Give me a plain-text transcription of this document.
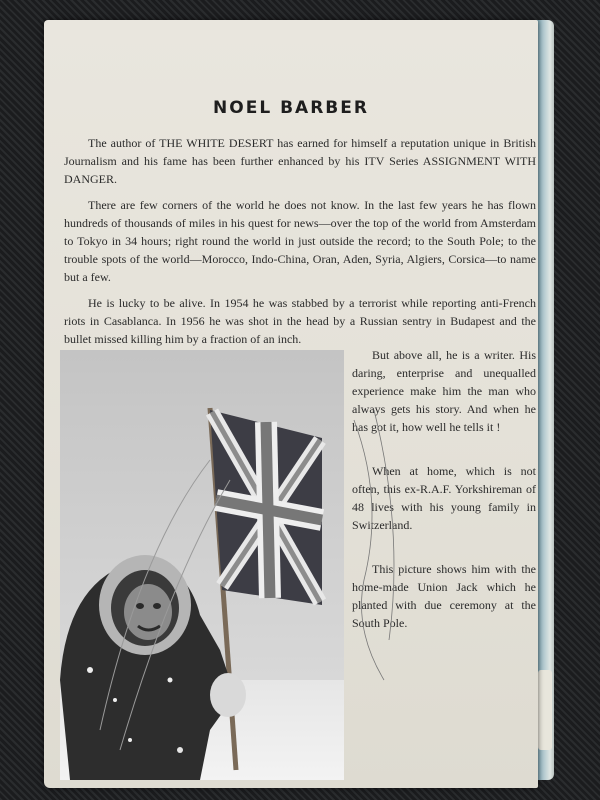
NOEL BARBER

The author of THE WHITE DESERT has earned for himself a reputation unique in British Journalism and his fame has been further enhanced by his ITV Series ASSIGNMENT WITH DANGER.

There are few corners of the world he does not know. In the last few years he has flown hundreds of thousands of miles in his quest for news—over the top of the world from Amsterdam to Tokyo in 34 hours; right round the world in just outside the record; to the South Pole; to the trouble spots of the world—Morocco, Indo-China, Oran, Aden, Syria, Algiers, Corsica—to name but a few.

He is lucky to be alive. In 1954 he was stabbed by a terrorist while reporting anti-French riots in Casablanca. In 1956 he was shot in the head by a Russian sentry in Budapest and the bullet missed killing him by a fraction of an inch.

But above all, he is a writer. His daring, enterprise and unequalled experience make him the man who always gets his story. And when he has got it, how well he tells it !

When at home, which is not often, this ex-R.A.F. Yorkshireman of 48 lives with his young family in Switzerland.

This picture shows him with the home-made Union Jack which he planted with due ceremony at the South Pole.
